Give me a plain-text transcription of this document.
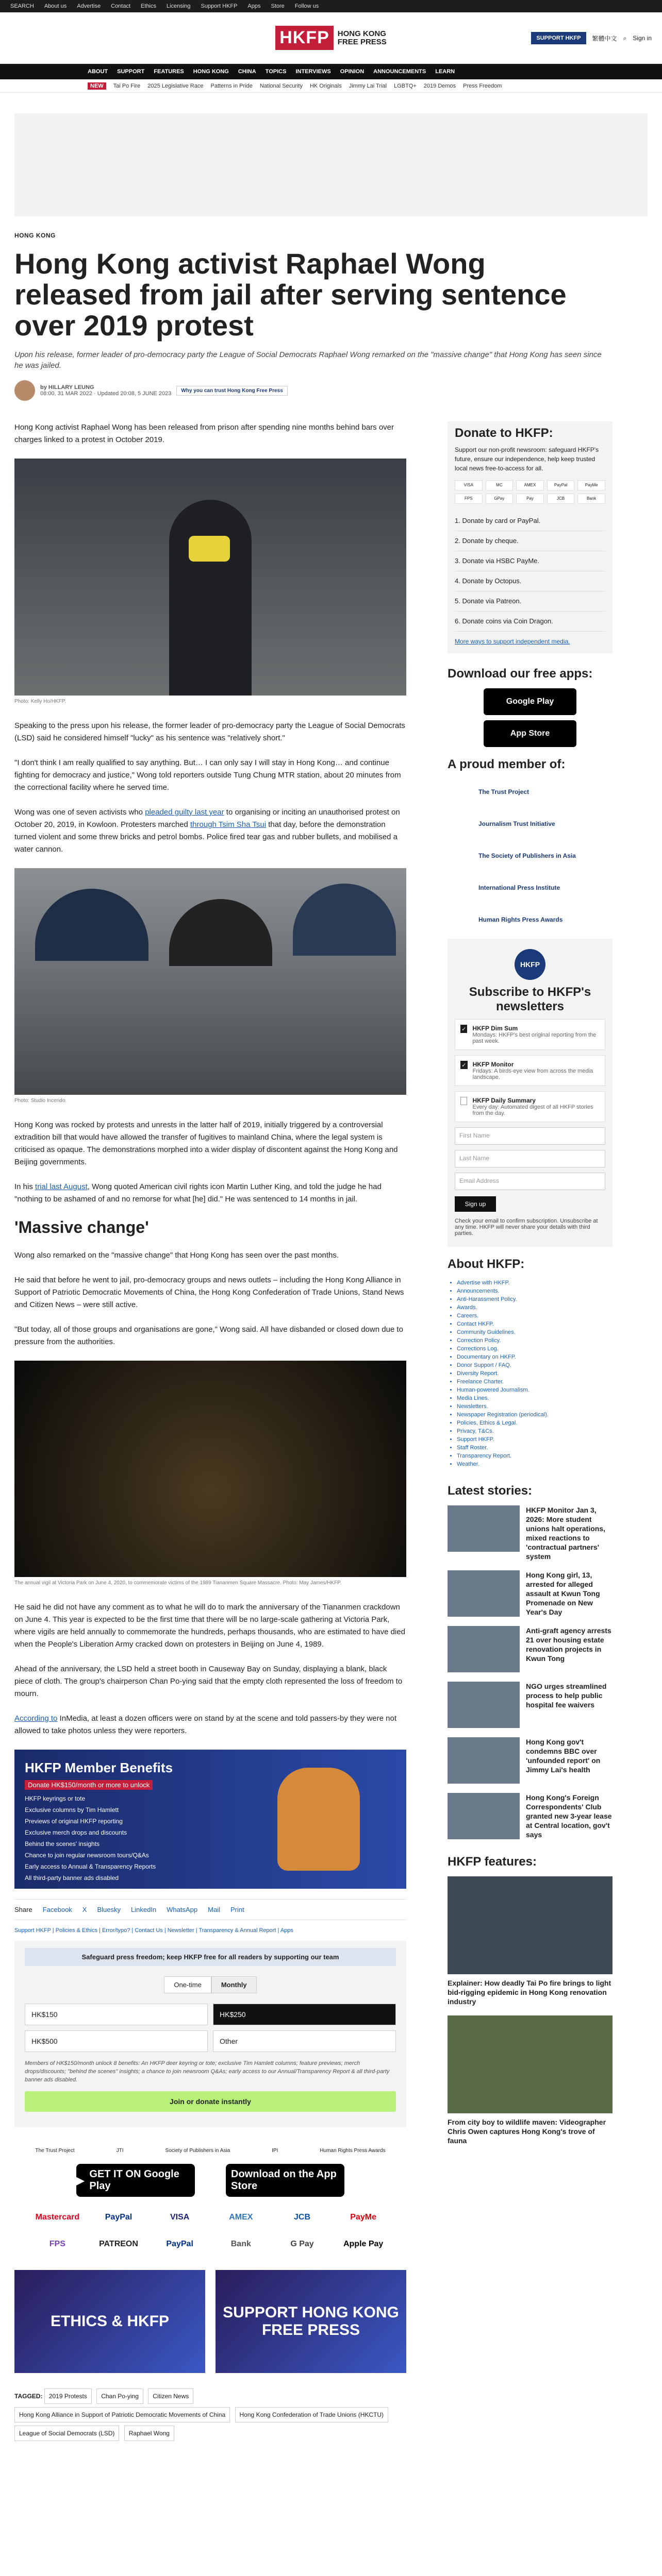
SEARCH About us Advertise Contact Ethics Licensing Support HKFP Apps Store Follow us
HKFP	HONG KONG
FREE PRESS	SUPPORT HKFP	繁體中文 ⌕ Sign in
ABOUT SUPPORT FEATURES HONG KONG CHINA TOPICS INTERVIEWS OPINION ANNOUNCEMENTS LEARN
NEW	Tai Po Fire 2025 Legislative Race Patterns in Pride National Security HK Originals Jimmy Lai Trial LGBTQ+ 2019 Demos Press Freedom
HONG KONG
Hong Kong activist Raphael Wong released from jail after serving sentence over 2019 protest
Upon his release, former leader of pro-democracy party the League of Social Democrats Raphael Wong remarked on the "massive change" that Hong Kong has seen since he was jailed.
by HILLARY LEUNG
08:00, 31 MAR 2022 · Updated 20:08, 5 JUNE 2023	Why you can trust Hong Kong Free Press

Hong Kong activist Raphael Wong has been released from prison after spending nine months behind bars over charges linked to a protest in October 2019.

Photo: Kelly Ho/HKFP.

Speaking to the press upon his release, the former leader of pro-democracy party the League of Social Democrats (LSD) said he considered himself "lucky" as his sentence was "relatively short."

"I don't think I am really qualified to say anything. But… I can only say I will stay in Hong Kong… and continue fighting for democracy and justice," Wong told reporters outside Tung Chung MTR station, about 20 minutes from the correctional facility where he served time.

Wong was one of seven activists who pleaded guilty last year to organising or inciting an unauthorised protest on October 20, 2019, in Kowloon. Protesters marched through Tsim Sha Tsui that day, before the demonstration turned violent and some threw bricks and petrol bombs. Police fired tear gas and rubber bullets, and mobilised a water cannon.

Photo: Studio Incendo.

Hong Kong was rocked by protests and unrests in the latter half of 2019, initially triggered by a controversial extradition bill that would have allowed the transfer of fugitives to mainland China, where the legal system is criticised as opaque. The demonstrations morphed into a wider display of discontent against the Hong Kong and Beijing governments.

In his trial last August, Wong quoted American civil rights icon Martin Luther King, and told the judge he had "nothing to be ashamed of and no remorse for what [he] did." He was sentenced to 14 months in jail.

'Massive change'

Wong also remarked on the "massive change" that Hong Kong has seen over the past months.

He said that before he went to jail, pro-democracy groups and news outlets – including the Hong Kong Alliance in Support of Patriotic Democratic Movements of China, the Hong Kong Confederation of Trade Unions, Stand News and Citizen News – were still active.

"But today, all of those groups and organisations are gone," Wong said. All have disbanded or closed down due to pressure from the authorities.

The annual vigil at Victoria Park on June 4, 2020, to commemorate victims of the 1989 Tiananmen Square Massacre. Photo: May James/HKFP.

He said he did not have any comment as to what he will do to mark the anniversary of the Tiananmen crackdown on June 4. This year is expected to be the first time that there will be no large-scale gathering at Victoria Park, where vigils are held annually to commemorate the hundreds, perhaps thousands, who are estimated to have died when the People's Liberation Army cracked down on protesters in Beijing on June 4, 1989.

Ahead of the anniversary, the LSD held a street booth in Causeway Bay on Sunday, displaying a blank, black piece of cloth. The group's chairperson Chan Po-ying said that the empty cloth represented the loss of freedom to mourn.

According to InMedia, at least a dozen officers were on stand by at the scene and told passers-by they were not allowed to take photos unless they were reporters.

HKFP Member Benefits
Donate HK$150/month or more to unlock
HKFP keyrings or tote
Exclusive columns by Tim Hamlett
Previews of original HKFP reporting
Exclusive merch drops and discounts
Behind the scenes' insights
Chance to join regular newsroom tours/Q&As
Early access to Annual & Transparency Reports
All third-party banner ads disabled
Share Facebook X Bluesky LinkedIn WhatsApp Mail Print
Support HKFP | Policies & Ethics | Error/typo? | Contact Us | Newsletter | Transparency & Annual Report | Apps
Safeguard press freedom; keep HKFP free for all readers by supporting our team
One-time	Monthly
HK$150	HK$250
HK$500	Other
Members of HK$150/month unlock 8 benefits: An HKFP deer keyring or tote; exclusive Tim Hamlett columns; feature previews; merch drops/discounts; "behind the scenes" insights; a chance to join newsroom Q&As; early access to our Annual/Transparency Report & all third-party banner ads disabled.
Join or donate instantly
The Trust Project	JTI	Society of Publishers in Asia	IPI	Human Rights Press Awards
▶
GET IT ON Google Play
Download on the App Store
Mastercard	PayPal	VISA	AMEX	JCB	PayMe
FPS	PATREON	PayPal	Bank	G Pay	Apple Pay
ETHICS & HKFP
SUPPORT HONG KONG FREE PRESS
TAGGED: 2019 Protests Chan Po-ying Citizen News Hong Kong Alliance in Support of Patriotic Democratic Movements of China Hong Kong Confederation of Trade Unions (HKCTU) League of Social Democrats (LSD) Raphael Wong
Donate to HKFP:
Support our non-profit newsroom: safeguard HKFP's future, ensure our independence, help keep trusted local news free-to-access for all.
VISA	MC	AMEX	PayPal	PayMe
FPS	GPay	Pay	JCB	Bank
1. Donate by card or PayPal.
2. Donate by cheque.
3. Donate via HSBC PayMe.
4. Donate by Octopus.
5. Donate via Patreon.
6. Donate coins via Coin Dragon.
More ways to support independent media.
Download our free apps:
Google Play
App Store
A proud member of:
The Trust Project
Journalism Trust Initiative
The Society of Publishers in Asia
International Press Institute
Human Rights Press Awards
HKFP
Subscribe to HKFP's newsletters
✓ HKFP Dim Sum
Mondays: HKFP's best original reporting from the past week.
✓ HKFP Monitor
Fridays: A birds-eye view from across the media landscape.
HKFP Daily Summary
Every day: Automated digest of all HKFP stories from the day.
First Name
Last Name
Email Address
Sign up
Check your email to confirm subscription. Unsubscribe at any time. HKFP will never share your details with third parties.
About HKFP:
• Advertise with HKFP.
• Announcements.
• Anti-Harassment Policy.
• Awards.
• Careers.
• Contact HKFP.
• Community Guidelines.
• Correction Policy.
• Corrections Log.
• Documentary on HKFP.
• Donor Support / FAQ.
• Diversity Report.
• Freelance Charter.
• Human-powered Journalism.
• Media Lines.
• Newsletters.
• Newspaper Registration (periodical).
• Policies, Ethics & Legal.
• Privacy, T&Cs.
• Support HKFP.
• Staff Roster.
• Transparency Report.
• Weather.
Latest stories:
HKFP Monitor Jan 3, 2026: More student unions halt operations, mixed reactions to 'contractual partners' system
Hong Kong girl, 13, arrested for alleged assault at Kwun Tong Promenade on New Year's Day
Anti-graft agency arrests 21 over housing estate renovation projects in Kwun Tong
NGO urges streamlined process to help public hospital fee waivers
Hong Kong gov't condemns BBC over 'unfounded report' on Jimmy Lai's health
Hong Kong's Foreign Correspondents' Club granted new 3-year lease at Central location, gov't says
HKFP features:
Explainer: How deadly Tai Po fire brings to light bid-rigging epidemic in Hong Kong renovation industry
From city boy to wildlife maven: Videographer Chris Owen captures Hong Kong's trove of fauna
